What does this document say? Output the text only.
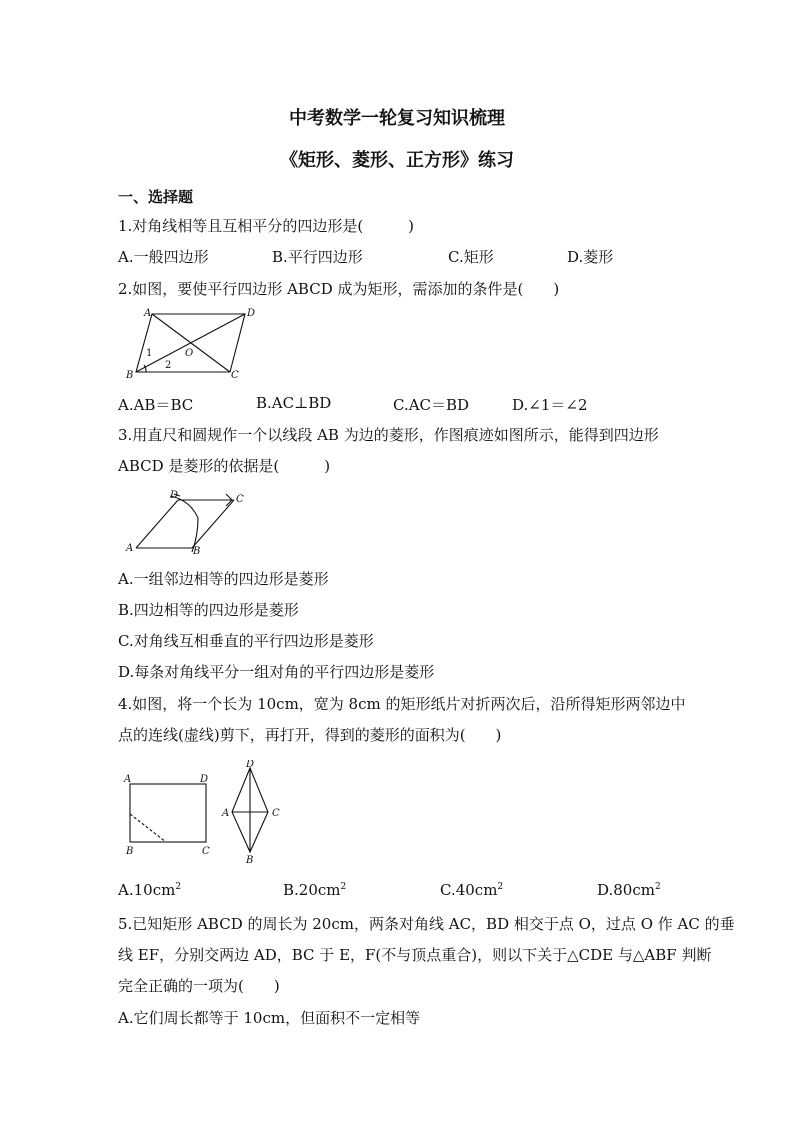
中考数学一轮复习知识梳理
《矩形、菱形、正方形》练习
一、选择题
1.对角线相等且互相平分的四边形是(　　　)
A.一般四边形	B.平行四边形	C.矩形	D.菱形
2.如图，要使平行四边形 ABCD 成为矩形，需添加的条件是(　　)
A	D
O
1
2
B	C
A.AB＝BC	B.AC⊥BD	C.AC＝BD	D.∠1＝∠2
3.用直尺和圆规作一个以线段 AB 为边的菱形，作图痕迹如图所示，能得到四边形
ABCD 是菱形的依据是(　　　)
D	C
A	B
A.一组邻边相等的四边形是菱形
B.四边相等的四边形是菱形
C.对角线互相垂直的平行四边形是菱形
D.每条对角线平分一组对角的平行四边形是菱形
4.如图，将一个长为 10cm，宽为 8cm 的矩形纸片对折两次后，沿所得矩形两邻边中
点的连线(虚线)剪下，再打开，得到的菱形的面积为(　　)
A	D
B	C
D
A	C
B
$A.10cm^2$	$B.20cm^2$	$C.40cm^2$	$D.80cm^2$
5.已知矩形 ABCD 的周长为 20cm，两条对角线 AC，BD 相交于点 O，过点 O 作 AC 的垂
线 EF，分别交两边 AD，BC 于 E，F(不与顶点重合)，则以下关于△CDE 与△ABF 判断
完全正确的一项为(　　)
A.它们周长都等于 10cm，但面积不一定相等
